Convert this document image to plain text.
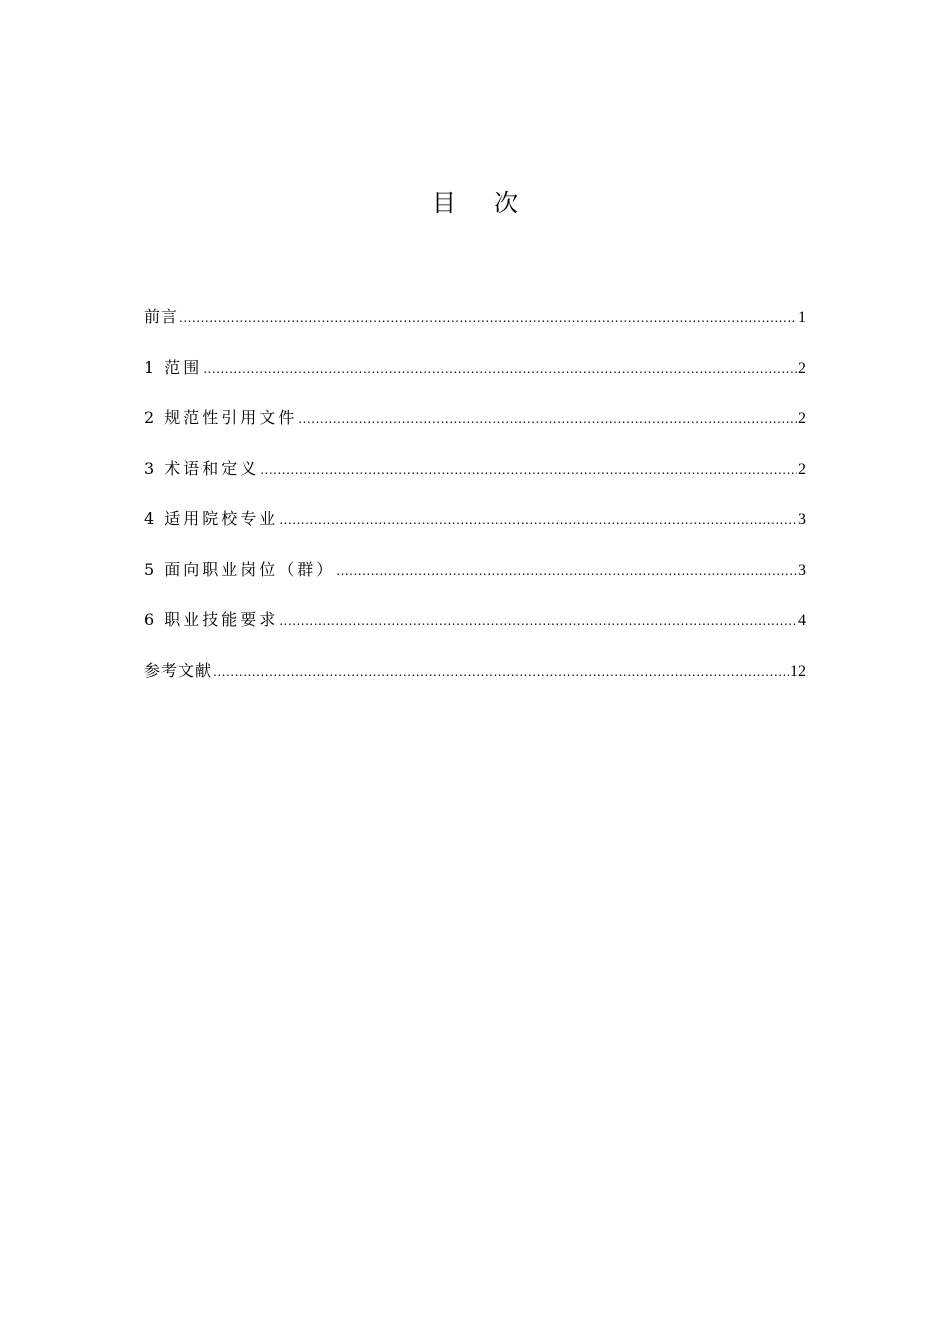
目 次
前言 .....	1
1 范围 .....	2
2 规范性引用文件 .....	2
3 术语和定义 .....	2
4 适用院校专业 .....	3
5 面向职业岗位（群） .....	3
6 职业技能要求 .....	4
参考文献 .....	12
